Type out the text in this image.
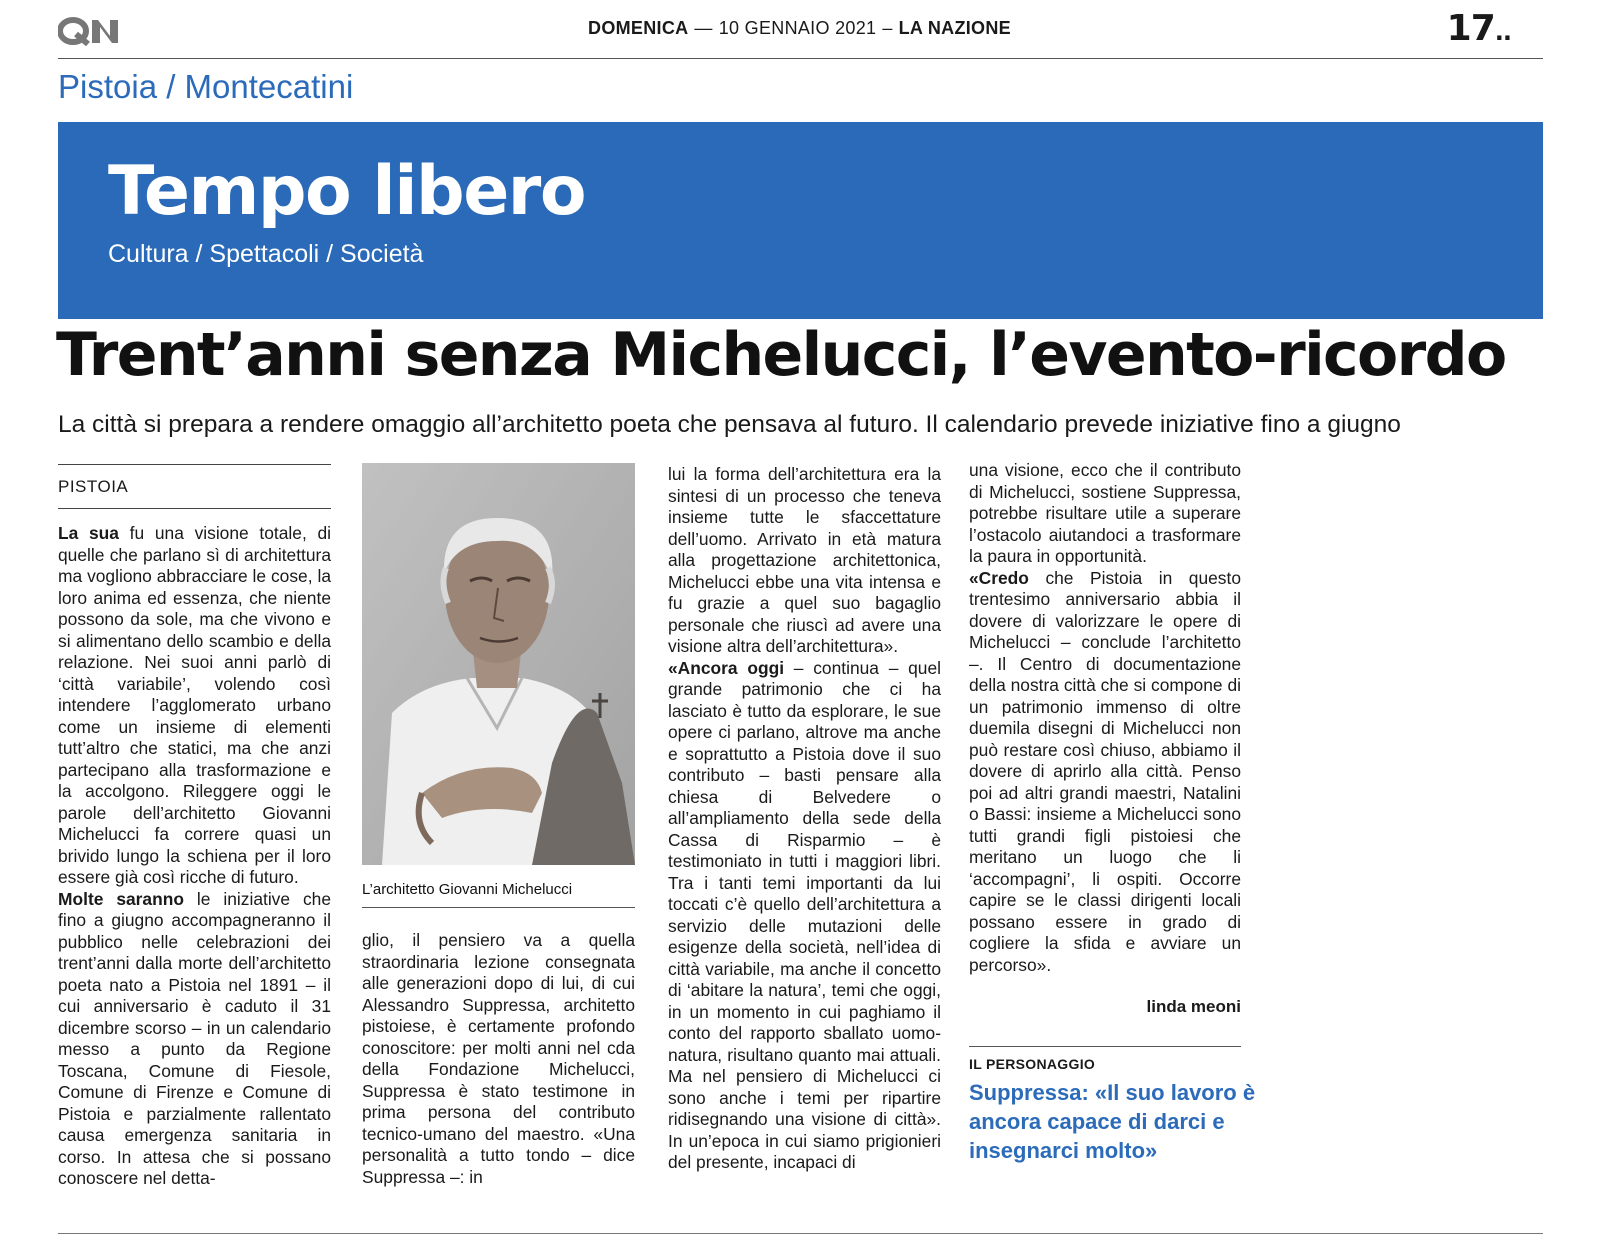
DOMENICA — 10 GENNAIO 2021 – LA NAZIONE	17..
Pistoia / Montecatini
Tempo libero
Cultura / Spettacoli / Società
Trent’anni senza Michelucci, l’evento-ricordo
La città si prepara a rendere omaggio all’architetto poeta che pensava al futuro. Il calendario prevede iniziative fino a giugno
PISTOIA

La sua fu una visione totale, di quelle che parlano sì di architettura ma vogliono abbracciare le cose, la loro anima ed essenza, che niente possono da sole, ma che vivono e si alimentano dello scambio e della relazione. Nei suoi anni parlò di ‘città variabile’, volendo così intendere l’agglomerato urbano come un insieme di elementi tutt’altro che statici, ma che anzi partecipano alla trasformazione e la accolgono. Rileggere oggi le parole dell’architetto Giovanni Michelucci fa correre quasi un brivido lungo la schiena per il loro essere già così ricche di futuro.

Molte saranno le iniziative che fino a giugno accompagneranno il pubblico nelle celebrazioni dei trent’anni dalla morte dell’architetto poeta nato a Pistoia nel 1891 – il cui anniversario è caduto il 31 dicembre scorso – in un calendario messo a punto da Regione Toscana, Comune di Fiesole, Comune di Firenze e Comune di Pistoia e parzialmente rallentato causa emergenza sanitaria in corso. In attesa che si possano conoscere nel detta-

L’architetto Giovanni Michelucci

glio, il pensiero va a quella straordinaria lezione consegnata alle generazioni dopo di lui, di cui Alessandro Suppressa, architetto pistoiese, è certamente profondo conoscitore: per molti anni nel cda della Fondazione Michelucci, Suppressa è stato testimone in prima persona del contributo tecnico-umano del maestro. «Una personalità a tutto tondo – dice Suppressa –: in

lui la forma dell’architettura era la sintesi di un processo che teneva insieme tutte le sfaccettature dell’uomo. Arrivato in età matura alla progettazione architettonica, Michelucci ebbe una vita intensa e fu grazie a quel suo bagaglio personale che riuscì ad avere una visione altra dell’architettura».

«Ancora oggi – continua – quel grande patrimonio che ci ha lasciato è tutto da esplorare, le sue opere ci parlano, altrove ma anche e soprattutto a Pistoia dove il suo contributo – basti pensare alla chiesa di Belvedere o all’ampliamento della sede della Cassa di Risparmio – è testimoniato in tutti i maggiori libri. Tra i tanti temi importanti da lui toccati c’è quello dell’architettura a servizio delle mutazioni delle esigenze della società, nell’idea di città variabile, ma anche il concetto di ‘abitare la natura’, temi che oggi, in un momento in cui paghiamo il conto del rapporto sballato uomo-natura, risultano quanto mai attuali. Ma nel pensiero di Michelucci ci sono anche i temi per ripartire ridisegnando una visione di città». In un’epoca in cui siamo prigionieri del presente, incapaci di

una visione, ecco che il contributo di Michelucci, sostiene Suppressa, potrebbe risultare utile a superare l’ostacolo aiutandoci a trasformare la paura in opportunità.

«Credo che Pistoia in questo trentesimo anniversario abbia il dovere di valorizzare le opere di Michelucci – conclude l’architetto –. Il Centro di documentazione della nostra città che si compone di un patrimonio immenso di oltre duemila disegni di Michelucci non può restare così chiuso, abbiamo il dovere di aprirlo alla città. Penso poi ad altri grandi maestri, Natalini o Bassi: insieme a Michelucci sono tutti grandi figli pistoiesi che meritano un luogo che li ‘accompagni’, li ospiti. Occorre capire se le classi dirigenti locali possano essere in grado di cogliere la sfida e avviare un percorso».

linda meoni
IL PERSONAGGIO
Suppressa: «Il suo lavoro è ancora capace di darci e insegnarci molto»
